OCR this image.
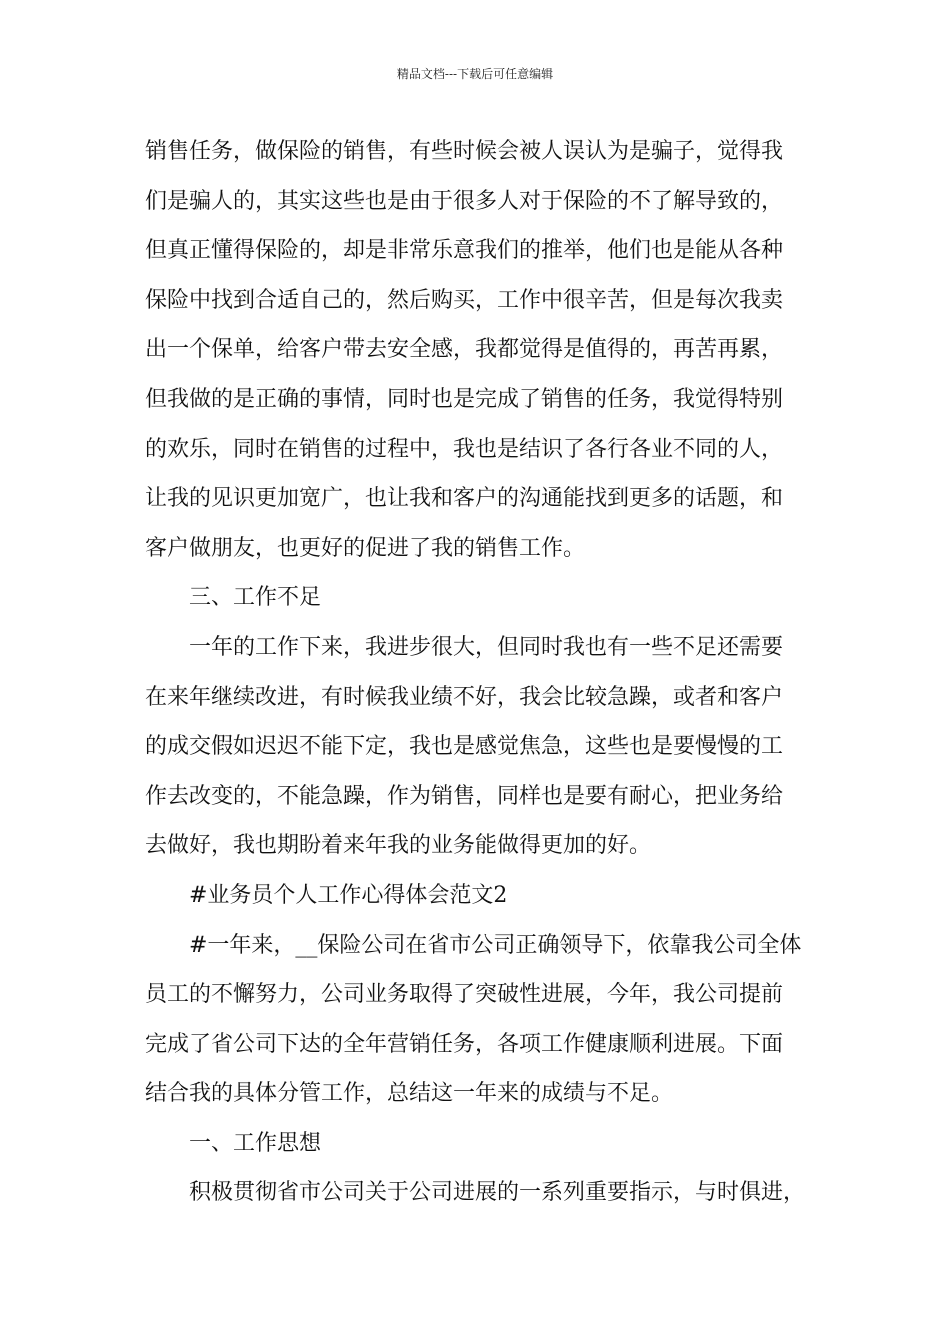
精品文档---下载后可任意编辑
销售任务，做保险的销售，有些时候会被人误认为是骗子，觉得我
们是骗人的，其实这些也是由于很多人对于保险的不了解导致的，
但真正懂得保险的，却是非常乐意我们的推举，他们也是能从各种
保险中找到合适自己的，然后购买，工作中很辛苦，但是每次我卖
出一个保单，给客户带去安全感，我都觉得是值得的，再苦再累，
但我做的是正确的事情，同时也是完成了销售的任务，我觉得特别
的欢乐，同时在销售的过程中，我也是结识了各行各业不同的人，
让我的见识更加宽广，也让我和客户的沟通能找到更多的话题，和
客户做朋友，也更好的促进了我的销售工作。
三、工作不足
一年的工作下来，我进步很大，但同时我也有一些不足还需要
在来年继续改进，有时候我业绩不好，我会比较急躁，或者和客户
的成交假如迟迟不能下定，我也是感觉焦急，这些也是要慢慢的工
作去改变的，不能急躁，作为销售，同样也是要有耐心，把业务给
去做好，我也期盼着来年我的业务能做得更加的好。
#业务员个人工作心得体会范文2
#一年来，__保险公司在省市公司正确领导下，依靠我公司全体
员工的不懈努力，公司业务取得了突破性进展，今年，我公司提前
完成了省公司下达的全年营销任务，各项工作健康顺利进展。下面
结合我的具体分管工作，总结这一年来的成绩与不足。
一、工作思想
积极贯彻省市公司关于公司进展的一系列重要指示，与时俱进，
